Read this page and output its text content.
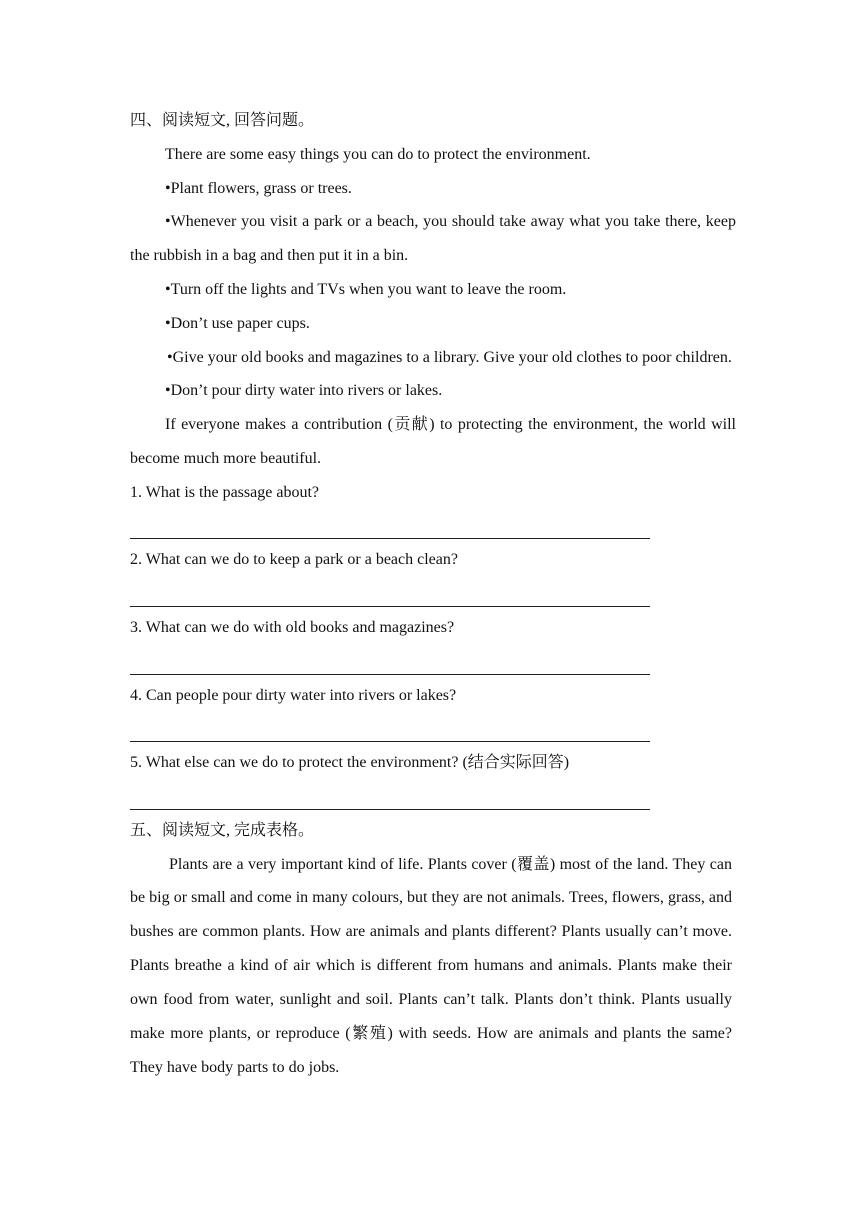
四、阅读短文, 回答问题。

There are some easy things you can do to protect the environment.

•Plant flowers, grass or trees.

•Whenever you visit a park or a beach, you should take away what you take there, keep the rubbish in a bag and then put it in a bin.

•Turn off the lights and TVs when you want to leave the room.

•Don’t use paper cups.

•Give your old books and magazines to a library. Give your old clothes to poor children.

•Don’t pour dirty water into rivers or lakes.

If everyone makes a contribution (贡献) to protecting the environment, the world will become much more beautiful.

1. What is the passage about?

2. What can we do to keep a park or a beach clean?

3. What can we do with old books and magazines?

4. Can people pour dirty water into rivers or lakes?

5. What else can we do to protect the environment? (结合实际回答)

五、阅读短文, 完成表格。

Plants are a very important kind of life. Plants cover (覆盖) most of the land. They can be big or small and come in many colours, but they are not animals. Trees, flowers, grass, and bushes are common plants. How are animals and plants different? Plants usually can’t move. Plants breathe a kind of air which is different from humans and animals. Plants make their own food from water, sunlight and soil. Plants can’t talk. Plants don’t think. Plants usually make more plants, or reproduce (繁殖) with seeds. How are animals and plants the same? They have body parts to do jobs.
